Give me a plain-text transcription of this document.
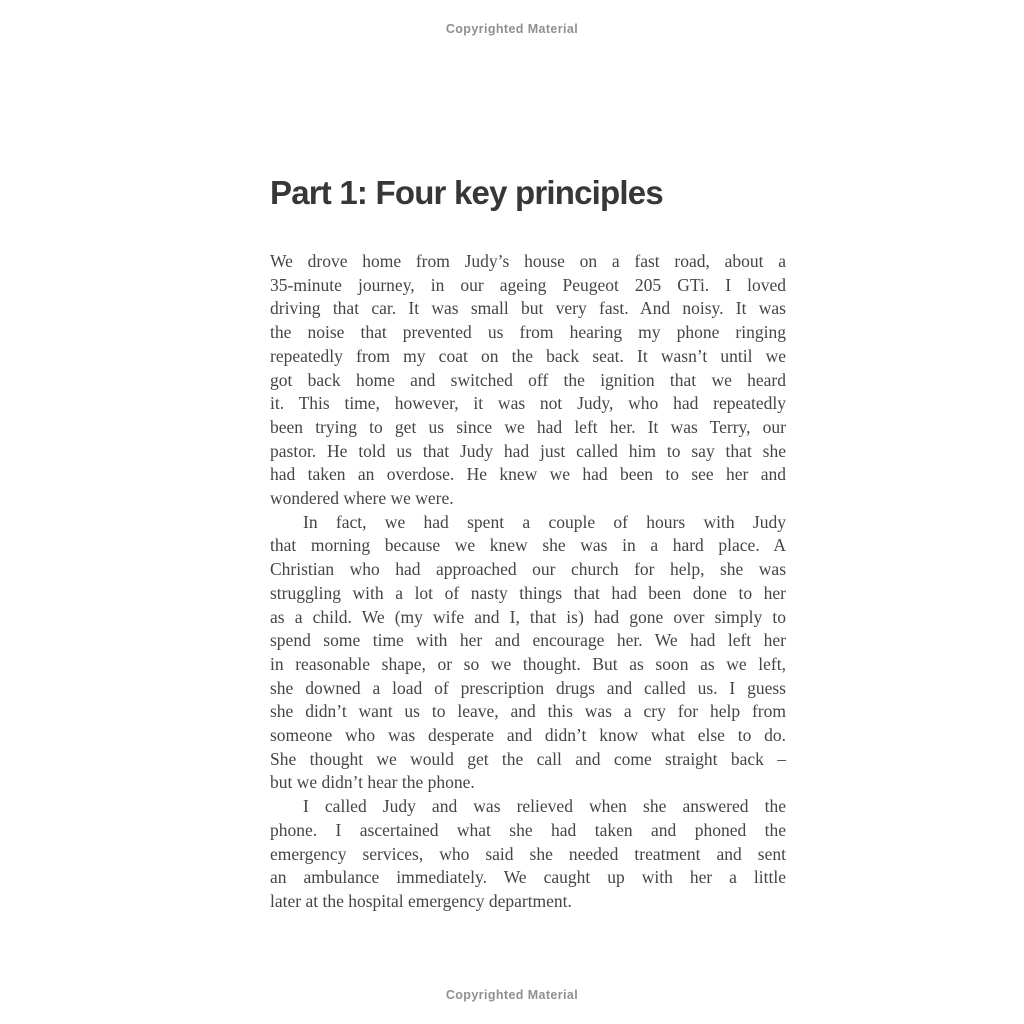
Copyrighted Material
Part 1: Four key principles
We drove home from Judy’s house on a fast road, about a
35-minute journey, in our ageing Peugeot 205 GTi. I loved
driving that car. It was small but very fast. And noisy. It was
the noise that prevented us from hearing my phone ringing
repeatedly from my coat on the back seat. It wasn’t until we
got back home and switched off the ignition that we heard
it. This time, however, it was not Judy, who had repeatedly
been trying to get us since we had left her. It was Terry, our
pastor. He told us that Judy had just called him to say that she
had taken an overdose. He knew we had been to see her and
wondered where we were.
In fact, we had spent a couple of hours with Judy
that morning because we knew she was in a hard place. A
Christian who had approached our church for help, she was
struggling with a lot of nasty things that had been done to her
as a child. We (my wife and I, that is) had gone over simply to
spend some time with her and encourage her. We had left her
in reasonable shape, or so we thought. But as soon as we left,
she downed a load of prescription drugs and called us. I guess
she didn’t want us to leave, and this was a cry for help from
someone who was desperate and didn’t know what else to do.
She thought we would get the call and come straight back –
but we didn’t hear the phone.
I called Judy and was relieved when she answered the
phone. I ascertained what she had taken and phoned the
emergency services, who said she needed treatment and sent
an ambulance immediately. We caught up with her a little
later at the hospital emergency department.
Copyrighted Material
